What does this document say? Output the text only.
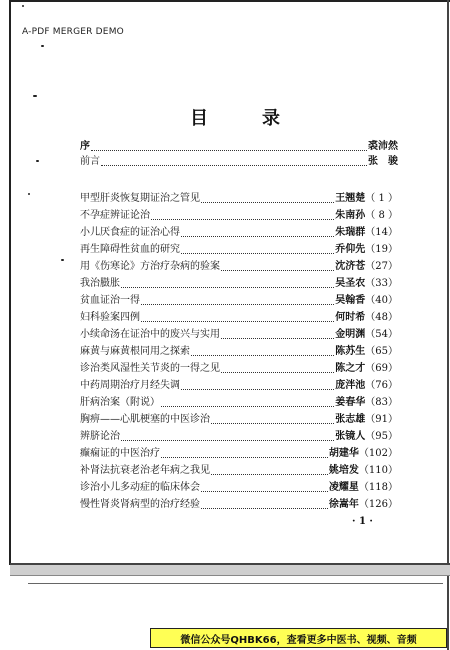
A-PDF MERGER DEMO
目	录
序	裘沛然
前言	张　骏
甲型肝炎恢复期证治之管见	王翘楚 （ 1 ）
不孕症辨证论治	朱南孙 （ 8 ）
小儿厌食症的证治心得	朱瑞群 （14）
再生障碍性贫血的研究	乔仰先 （19）
用《伤寒论》方治疗杂病的验案	沈济苍 （27）
我治臌胀	吴圣农 （33）
贫血证治一得	吴翰香 （40）
妇科验案四例	何时希 （48）
小续命汤在证治中的废兴与实用	金明渊 （54）
麻黄与麻黄根同用之探索	陈苏生 （65）
诊治类风湿性关节炎的一得之见	陈之才 （69）
中药周期治疗月经失调	庞泮池 （76）
肝病治案（附说）	姜春华 （83）
胸痹——心肌梗塞的中医诊治	张志雄 （91）
辨脐论治	张镜人 （95）
癫痫证的中医治疗	胡建华 （102）
补肾法抗衰老治老年病之我见	姚培发 （110）
诊治小儿多动症的临床体会	凌耀星 （118）
慢性肾炎肾病型的治疗经验	徐嵩年 （126）
· 1 ·
微信公众号QHBK66，查看更多中医书、视频、音频
